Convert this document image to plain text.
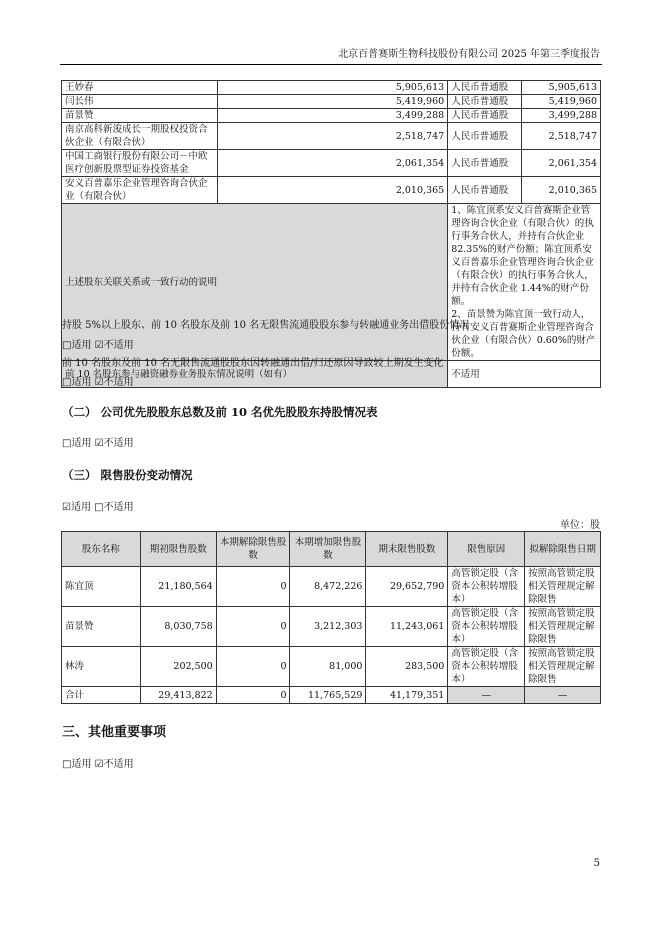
北京百普赛斯生物科技股份有限公司 2025 年第三季度报告
王妙春	5,905,613	人民币普通股	5,905,613
闫长伟	5,419,960	人民币普通股	5,419,960
苗景赞	3,499,288	人民币普通股	3,499,288
南京高科新浚成长一期股权投资合伙企业（有限合伙）	2,518,747	人民币普通股	2,518,747
中国工商银行股份有限公司－中欧医疗创新股票型证券投资基金	2,061,354	人民币普通股	2,061,354
安义百普嘉乐企业管理咨询合伙企业（有限合伙）	2,010,365	人民币普通股	2,010,365
上述股东关联关系或一致行动的说明		1、陈宜顶系安义百普赛斯企业管理咨询合伙企业（有限合伙）的执行事务合伙人，并持有合伙企业 82.35%的财产份额；陈宜顶系安义百普嘉乐企业管理咨询合伙企业（有限合伙）的执行事务合伙人，并持有合伙企业 1.44%的财产份额。
2、苗景赞为陈宜顶一致行动人，持有安义百普赛斯企业管理咨询合伙企业（有限合伙）0.60%的财产份额。	

前 10 名股东参与融资融券业务股东情况说明（如有）		不适用	
持股 5%以上股东、前 10 名股东及前 10 名无限售流通股股东参与转融通业务出借股份情况
□适用 ☑不适用
前 10 名股东及前 10 名无限售流通股股东因转融通出借/归还原因导致较上期发生变化
□适用 ☑不适用
（二） 公司优先股股东总数及前 10 名优先股股东持股情况表
□适用 ☑不适用
（三） 限售股份变动情况
☑适用 □不适用
单位：股
股东名称	期初限售股数	本期解除限售股数	本期增加限售股数	期末限售股数	限售原因	拟解除限售日期
陈宜顶	21,180,564	0	8,472,226	29,652,790	高管锁定股（含资本公积转增股本）	按照高管锁定股相关管理规定解除限售
苗景赞	8,030,758	0	3,212,303	11,243,061	高管锁定股（含资本公积转增股本）	按照高管锁定股相关管理规定解除限售
林涛	202,500	0	81,000	283,500	高管锁定股（含资本公积转增股本）	按照高管锁定股相关管理规定解除限售
合计	29,413,822	0	11,765,529	41,179,351	—	—
三、其他重要事项
□适用 ☑不适用
5
